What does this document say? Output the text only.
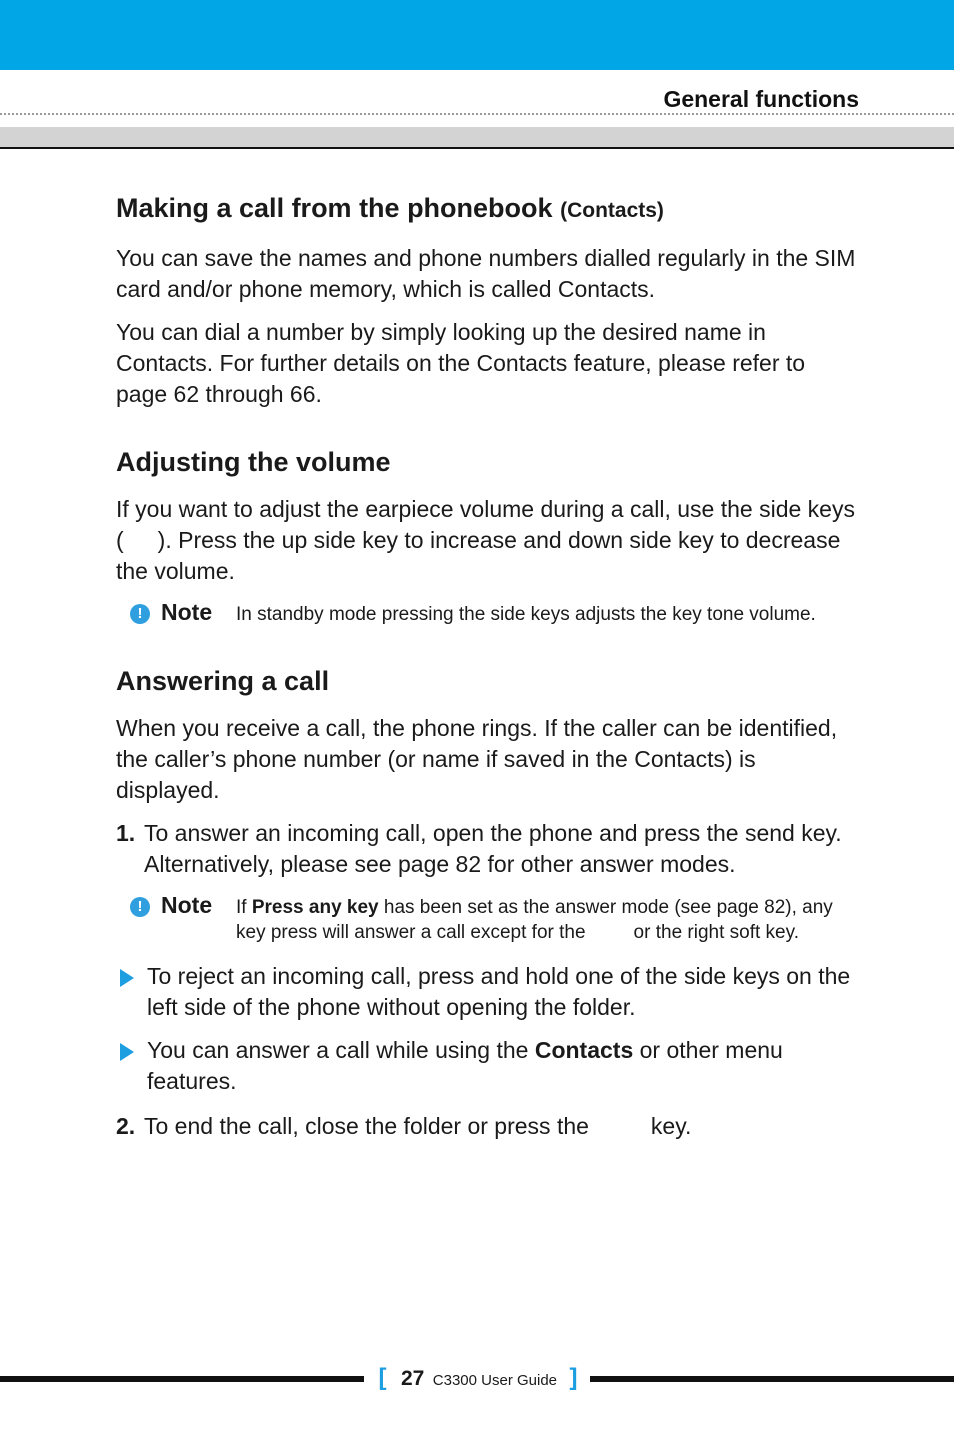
General functions
Making a call from the phonebook (Contacts)

You can save the names and phone numbers dialled regularly in the SIM card and/or phone memory, which is called Contacts.

You can dial a number by simply looking up the desired name in Contacts. For further details on the Contacts feature, please refer to page 62 through 66.

Adjusting the volume

If you want to adjust the earpiece volume during a call, use the side keys ( ). Press the up side key to increase and down side key to decrease the volume.

! Note In standby mode pressing the side keys adjusts the key tone volume.
Answering a call

When you receive a call, the phone rings. If the caller can be identified, the caller’s phone number (or name if saved in the Contacts) is displayed.

1. To answer an incoming call, open the phone and press the send key. Alternatively, please see page 82 for other answer modes.
! Note If Press any key has been set as the answer mode (see page 82), any key press will answer a call except for the	or the right soft key.
To reject an incoming call, press and hold one of the side keys on the left side of the phone without opening the folder.
You can answer a call while using the Contacts or other menu features.
2. To end the call, close the folder or press the	key.
[ 27 C3300 User Guide ]
